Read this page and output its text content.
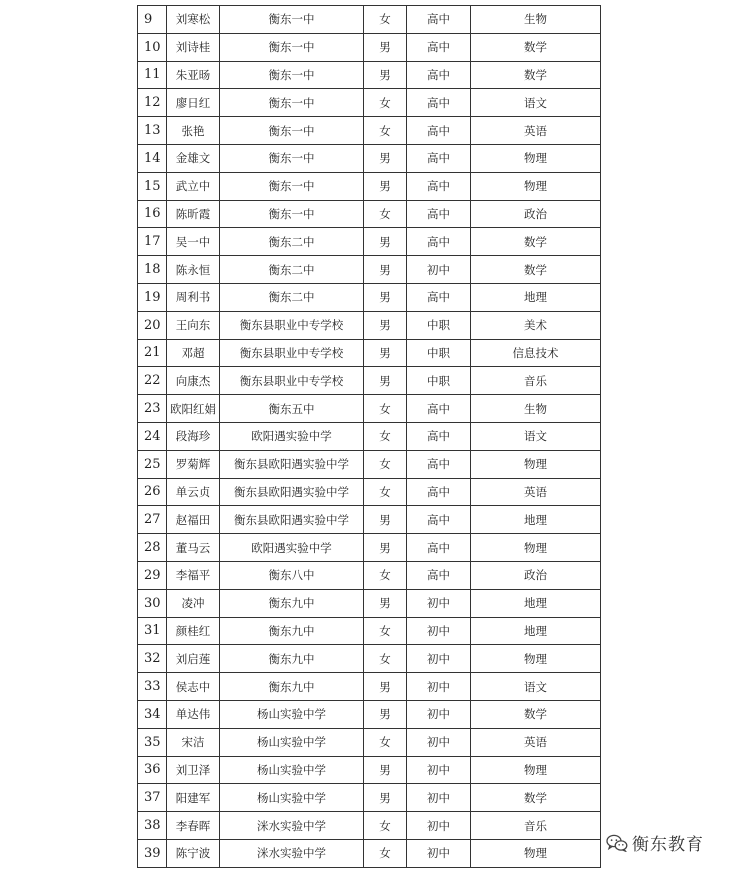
9	刘寒松	衡东一中	女	高中	生物
10	刘诗桂	衡东一中	男	高中	数学
11	朱亚旸	衡东一中	男	高中	数学
12	廖日红	衡东一中	女	高中	语文
13	张艳	衡东一中	女	高中	英语
14	金雄文	衡东一中	男	高中	物理
15	武立中	衡东一中	男	高中	物理
16	陈昕霞	衡东一中	女	高中	政治
17	吴一中	衡东二中	男	高中	数学
18	陈永恒	衡东二中	男	初中	数学
19	周利书	衡东二中	男	高中	地理
20	王向东	衡东县职业中专学校	男	中职	美术
21	邓超	衡东县职业中专学校	男	中职	信息技术
22	向康杰	衡东县职业中专学校	男	中职	音乐
23	欧阳红娟	衡东五中	女	高中	生物
24	段海珍	欧阳遇实验中学	女	高中	语文
25	罗菊辉	衡东县欧阳遇实验中学	女	高中	物理
26	单云贞	衡东县欧阳遇实验中学	女	高中	英语
27	赵福田	衡东县欧阳遇实验中学	男	高中	地理
28	董马云	欧阳遇实验中学	男	高中	物理
29	李福平	衡东八中	女	高中	政治
30	凌冲	衡东九中	男	初中	地理
31	颜桂红	衡东九中	女	初中	地理
32	刘启莲	衡东九中	女	初中	物理
33	侯志中	衡东九中	男	初中	语文
34	单达伟	杨山实验中学	男	初中	数学
35	宋洁	杨山实验中学	女	初中	英语
36	刘卫泽	杨山实验中学	男	初中	物理
37	阳建军	杨山实验中学	男	初中	数学
38	李春晖	洣水实验中学	女	初中	音乐
39	陈宁波	洣水实验中学	女	初中	物理	衡东教育
